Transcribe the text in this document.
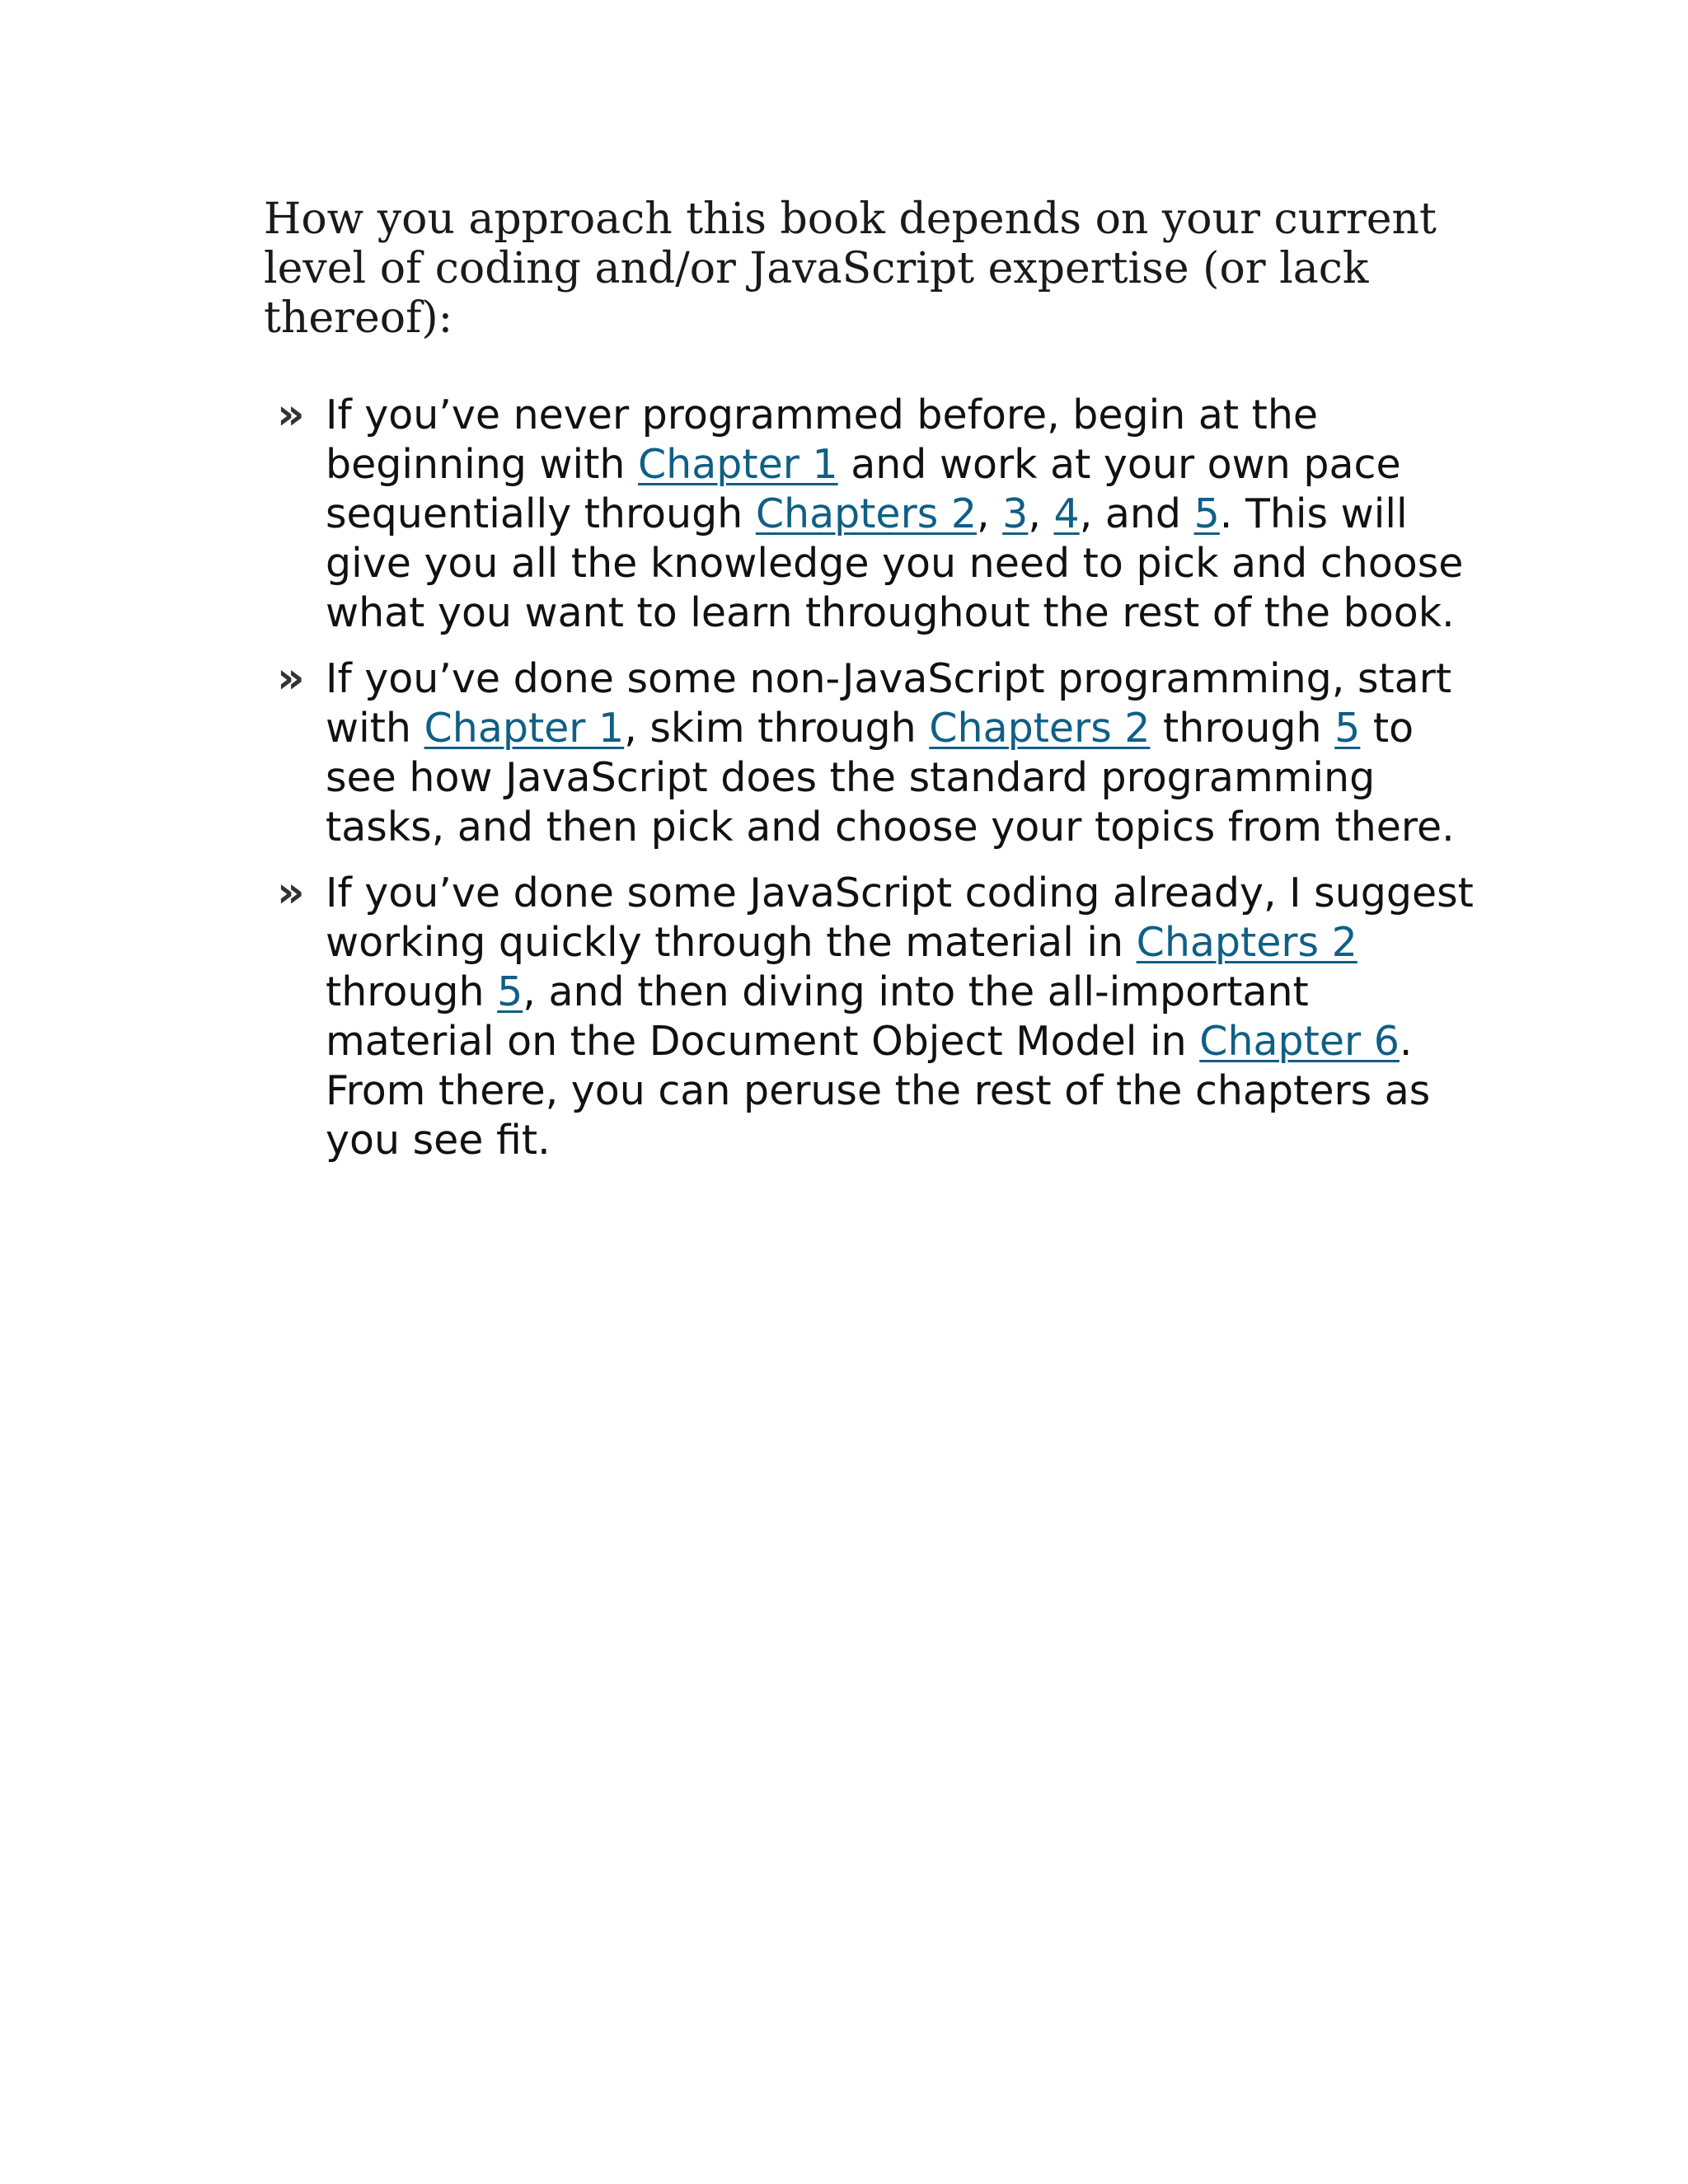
How you approach this book depends on your current level of coding and/or JavaScript expertise (or lack thereof):

» If you’ve never programmed before, begin at the beginning with Chapter 1 and work at your own pace sequentially through Chapters 2, 3, 4, and 5. This will give you all the knowledge you need to pick and choose what you want to learn throughout the rest of the book.
» If you’ve done some non-JavaScript programming, start with Chapter 1, skim through Chapters 2 through 5 to see how JavaScript does the standard programming tasks, and then pick and choose your topics from there.
» If you’ve done some JavaScript coding already, I suggest working quickly through the material in Chapters 2 through 5, and then diving into the all-important material on the Document Object Model in Chapter 6. From there, you can peruse the rest of the chapters as you see fit.
